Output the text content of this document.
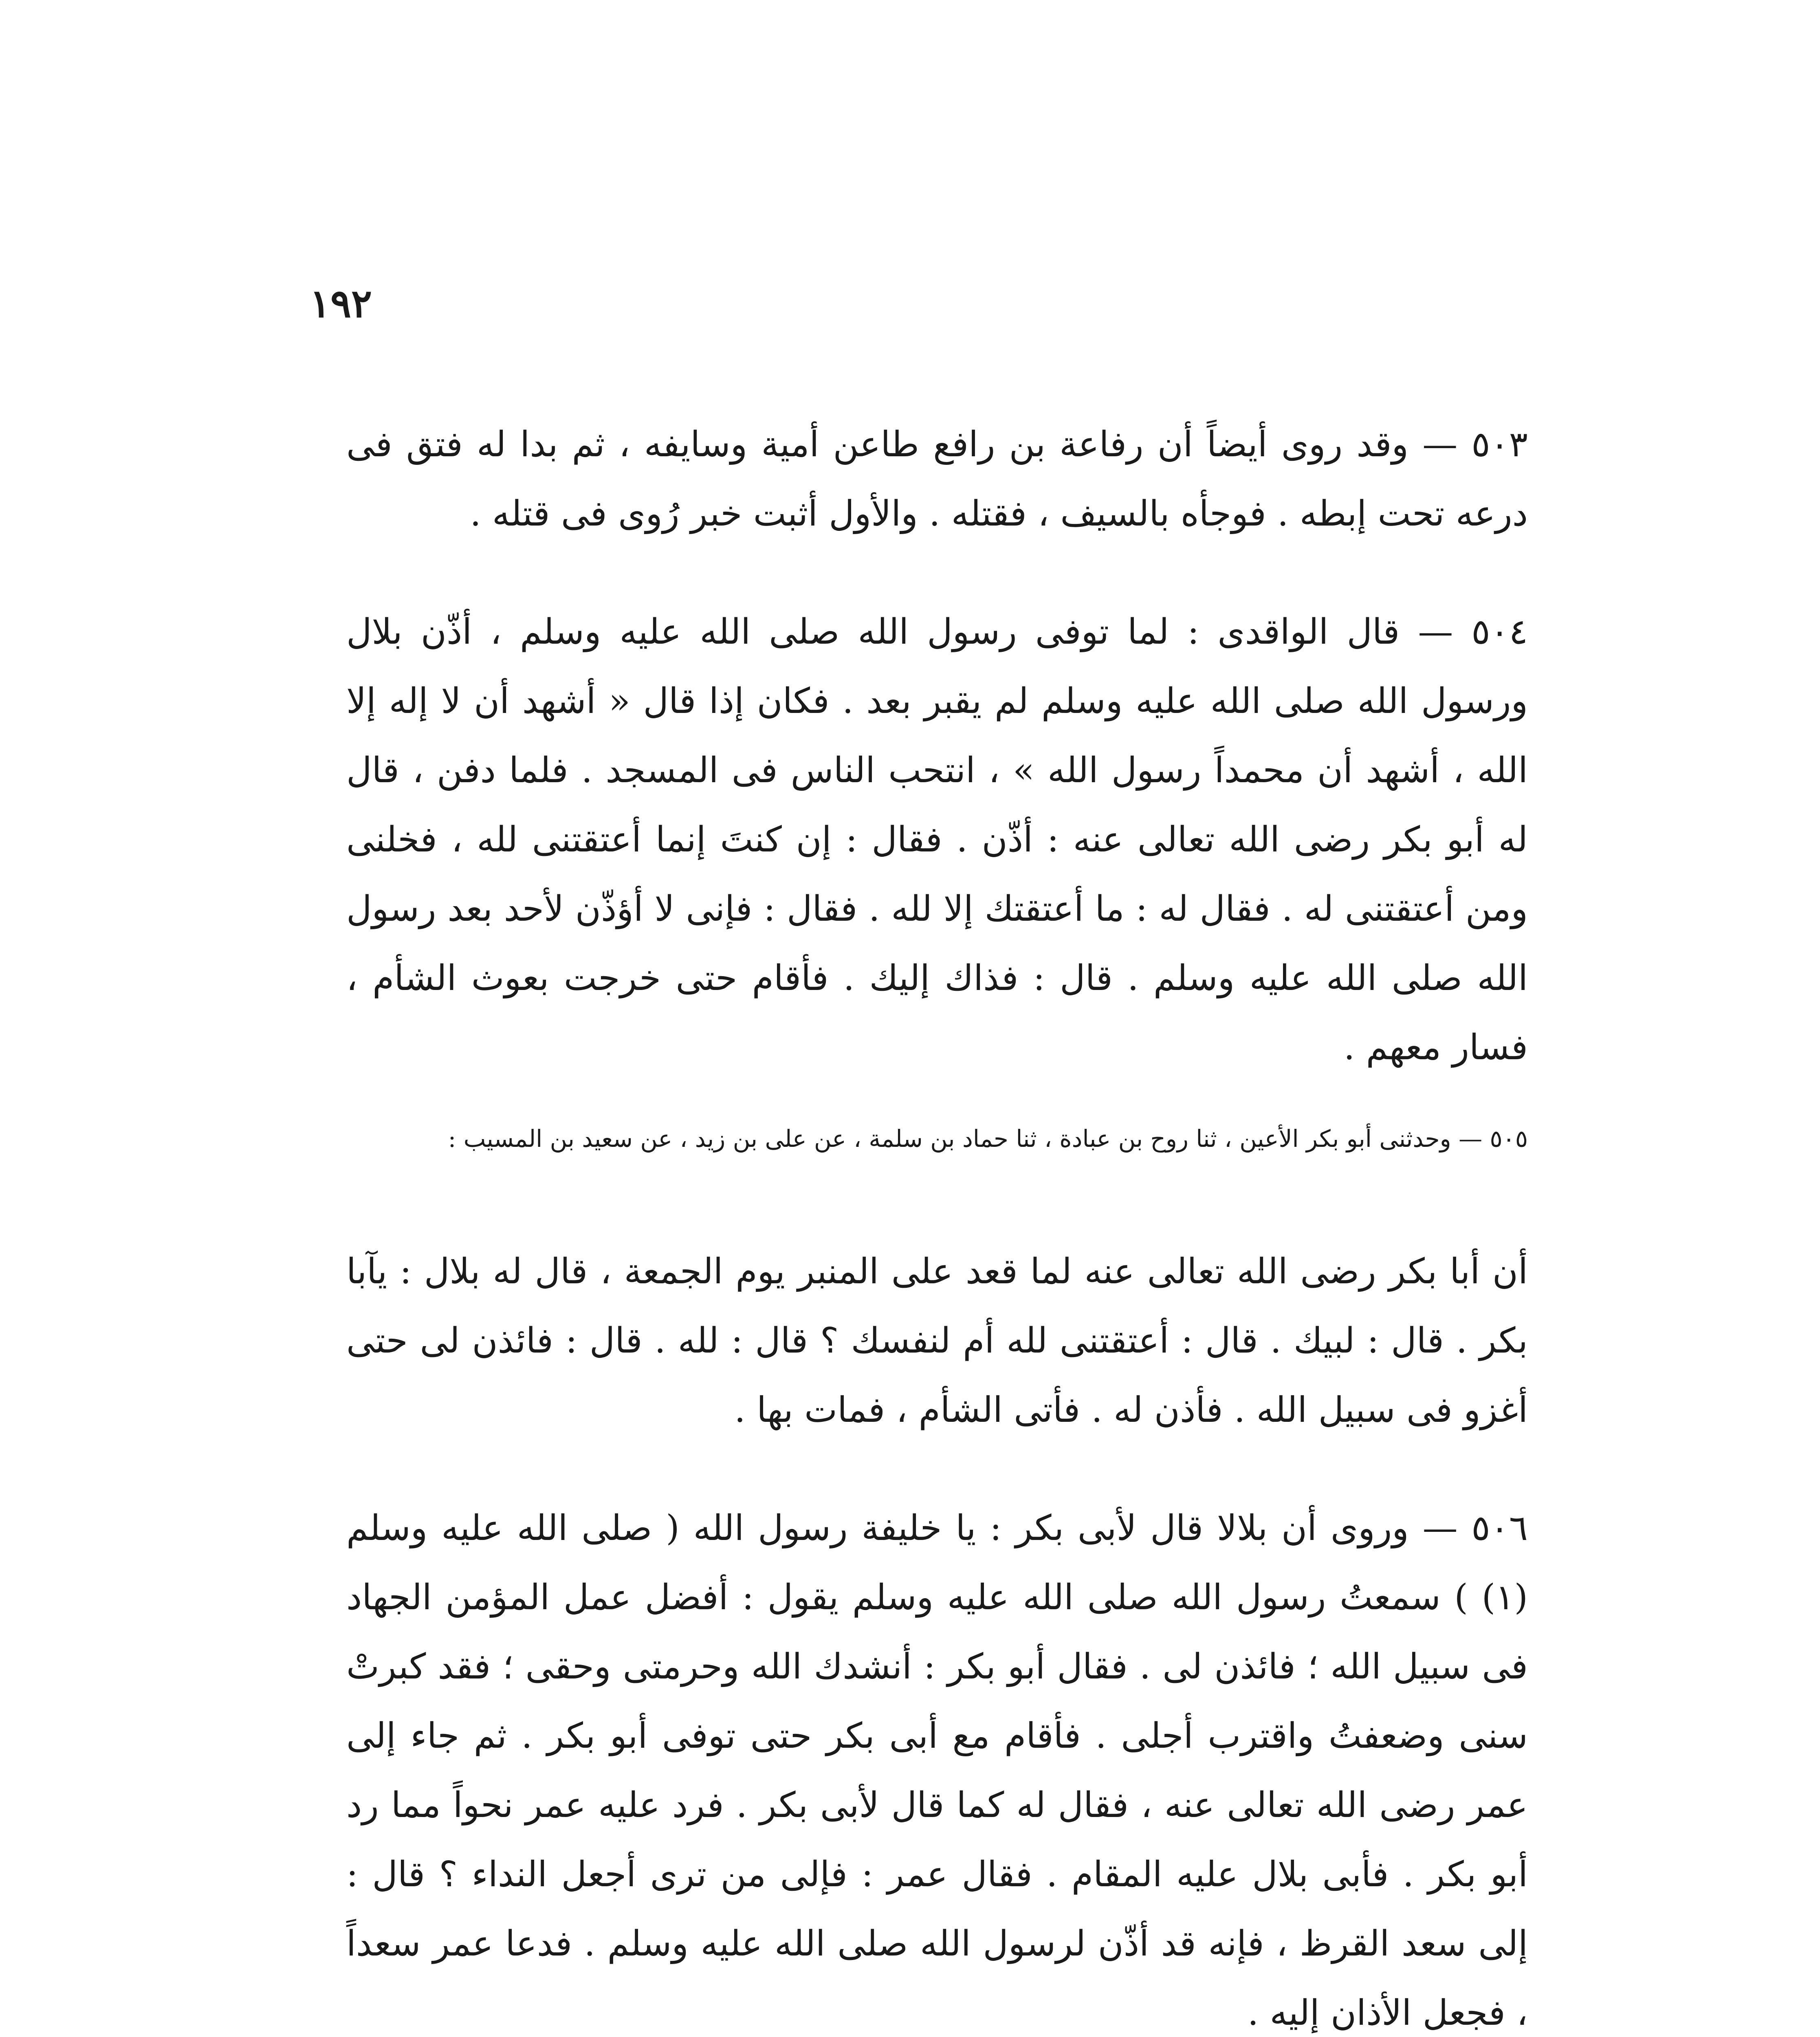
١٩٢

٥٠٣ — وقد روى أيضاً أن رفاعة بن رافع طاعن أمية وسايفه ، ثم بدا له فتق فى درعه تحت إبطه . فوجأه بالسيف ، فقتله . والأول أثبت خبر رُوى فى قتله .

٥٠٤ — قال الواقدى : لما توفى رسول الله صلى الله عليه وسلم ، أذّن بلال ورسول الله صلى الله عليه وسلم لم يقبر بعد . فكان إذا قال « أشهد أن لا إله إلا الله ، أشهد أن محمداً رسول الله » ، انتحب الناس فى المسجد . فلما دفن ، قال له أبو بكر رضى الله تعالى عنه : أذّن . فقال : إن كنتَ إنما أعتقتنى لله ، فخلنى ومن أعتقتنى له . فقال له : ما أعتقتك إلا لله . فقال : فإنى لا أؤذّن لأحد بعد رسول الله صلى الله عليه وسلم . قال : فذاك إليك . فأقام حتى خرجت بعوث الشأم ، فسار معهم .

٥٠٥ — وحدثنى أبو بكر الأعين ، ثنا روح بن عبادة ، ثنا حماد بن سلمة ، عن على بن زيد ، عن سعيد بن المسيب :

أن أبا بكر رضى الله تعالى عنه لما قعد على المنبر يوم الجمعة ، قال له بلال : يآبا بكر . قال : لبيك . قال : أعتقتنى لله أم لنفسك ؟ قال : لله . قال : فائذن لى حتى أغزو فى سبيل الله . فأذن له . فأتى الشأم ، فمات بها .

٥٠٦ — وروى أن بلالا قال لأبى بكر : يا خليفة رسول الله ( صلى الله عليه وسلم (١) ) سمعتُ رسول الله صلى الله عليه وسلم يقول : أفضل عمل المؤمن الجهاد فى سبيل الله ؛ فائذن لى . فقال أبو بكر : أنشدك الله وحرمتى وحقى ؛ فقد كبرتْ سنى وضعفتُ واقترب أجلى . فأقام مع أبى بكر حتى توفى أبو بكر . ثم جاء إلى عمر رضى الله تعالى عنه ، فقال له كما قال لأبى بكر . فرد عليه عمر نحواً مما رد أبو بكر . فأبى بلال عليه المقام . فقال عمر : فإلى من ترى أجعل النداء ؟ قال : إلى سعد القرظ ، فإنه قد أذّن لرسول الله صلى الله عليه وسلم . فدعا عمر سعداً ، فجعل الأذان إليه .
